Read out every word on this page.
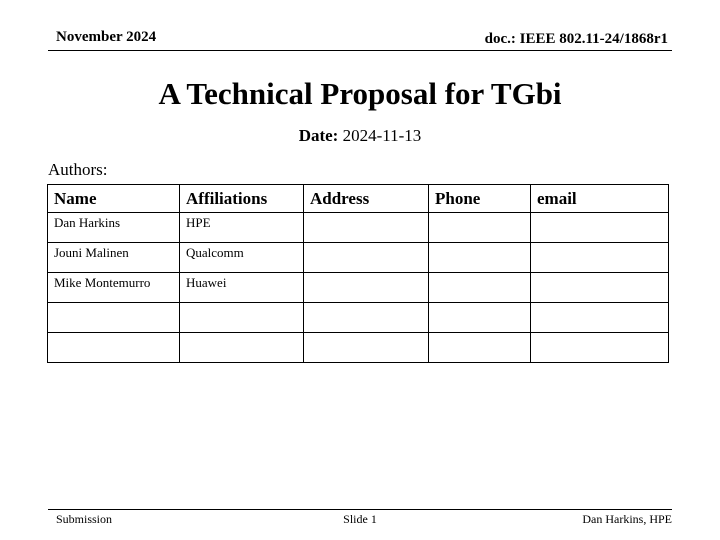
November 2024	doc.: IEEE 802.11-24/1868r1
A Technical Proposal for TGbi
Date: 2024-11-13
Authors:
Name	Affiliations	Address	Phone	email
Dan Harkins	HPE			
Jouni Malinen	Qualcomm			
Mike Montemurro	Huawei			

Submission	Slide 1	Dan Harkins, HPE
